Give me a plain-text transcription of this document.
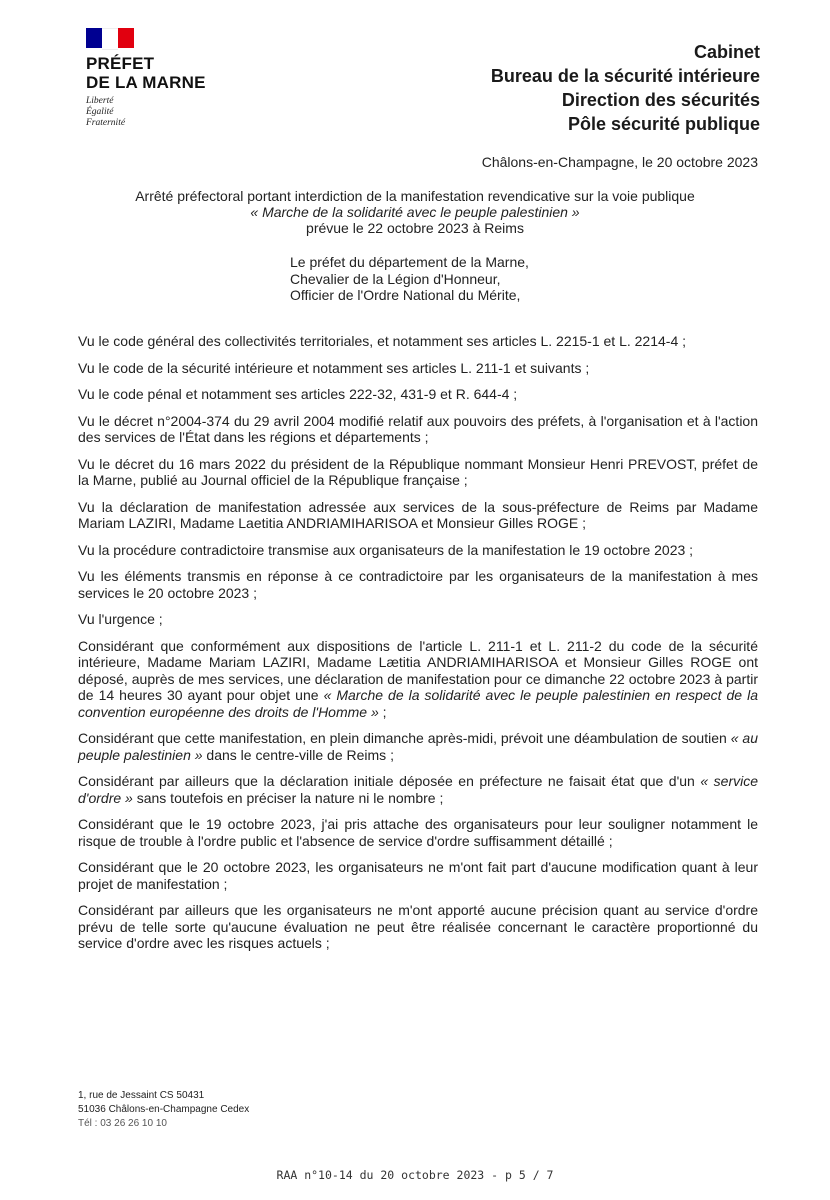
PRÉFET
DE LA MARNE
Liberté
Égalité
Fraternité
Cabinet
Bureau de la sécurité intérieure
Direction des sécurités
Pôle sécurité publique
Châlons-en-Champagne, le 20 octobre 2023
Arrêté préfectoral portant interdiction de la manifestation revendicative sur la voie publique
« Marche de la solidarité avec le peuple palestinien »
prévue le 22 octobre 2023 à Reims
Le préfet du département de la Marne,
Chevalier de la Légion d'Honneur,
Officier de l'Ordre National du Mérite,

Vu le code général des collectivités territoriales, et notamment ses articles L. 2215-1 et L. 2214-4 ;

Vu le code de la sécurité intérieure et notamment ses articles L. 211-1 et suivants ;

Vu le code pénal et notamment ses articles 222-32, 431-9 et R. 644-4 ;

Vu le décret n°2004-374 du 29 avril 2004 modifié relatif aux pouvoirs des préfets, à l'organisation et à l'action des services de l'État dans les régions et départements ;

Vu le décret du 16 mars 2022 du président de la République nommant Monsieur Henri PREVOST, préfet de la Marne, publié au Journal officiel de la République française ;

Vu la déclaration de manifestation adressée aux services de la sous-préfecture de Reims par Madame Mariam LAZIRI, Madame Laetitia ANDRIAMIHARISOA et Monsieur Gilles ROGE ;

Vu la procédure contradictoire transmise aux organisateurs de la manifestation le 19 octobre 2023 ;

Vu les éléments transmis en réponse à ce contradictoire par les organisateurs de la manifestation à mes services le 20 octobre 2023 ;

Vu l'urgence ;

Considérant que conformément aux dispositions de l'article L. 211-1 et L. 211-2 du code de la sécurité intérieure, Madame Mariam LAZIRI, Madame Lætitia ANDRIAMIHARISOA et Monsieur Gilles ROGE ont déposé, auprès de mes services, une déclaration de manifestation pour ce dimanche 22 octobre 2023 à partir de 14 heures 30 ayant pour objet une « Marche de la solidarité avec le peuple palestinien en respect de la convention européenne des droits de l'Homme » ;

Considérant que cette manifestation, en plein dimanche après-midi, prévoit une déambulation de soutien « au peuple palestinien » dans le centre-ville de Reims ;

Considérant par ailleurs que la déclaration initiale déposée en préfecture ne faisait état que d'un « service d'ordre » sans toutefois en préciser la nature ni le nombre ;

Considérant que le 19 octobre 2023, j'ai pris attache des organisateurs pour leur souligner notamment le risque de trouble à l'ordre public et l'absence de service d'ordre suffisamment détaillé ;

Considérant que le 20 octobre 2023, les organisateurs ne m'ont fait part d'aucune modification quant à leur projet de manifestation ;

Considérant par ailleurs que les organisateurs ne m'ont apporté aucune précision quant au service d'ordre prévu de telle sorte qu'aucune évaluation ne peut être réalisée concernant le caractère proportionné du service d'ordre avec les risques actuels ;

1, rue de Jessaint CS 50431
51036 Châlons-en-Champagne Cedex
Tél : 03 26 26 10 10
RAA n°10-14 du 20 octobre 2023 - p 5 / 7
